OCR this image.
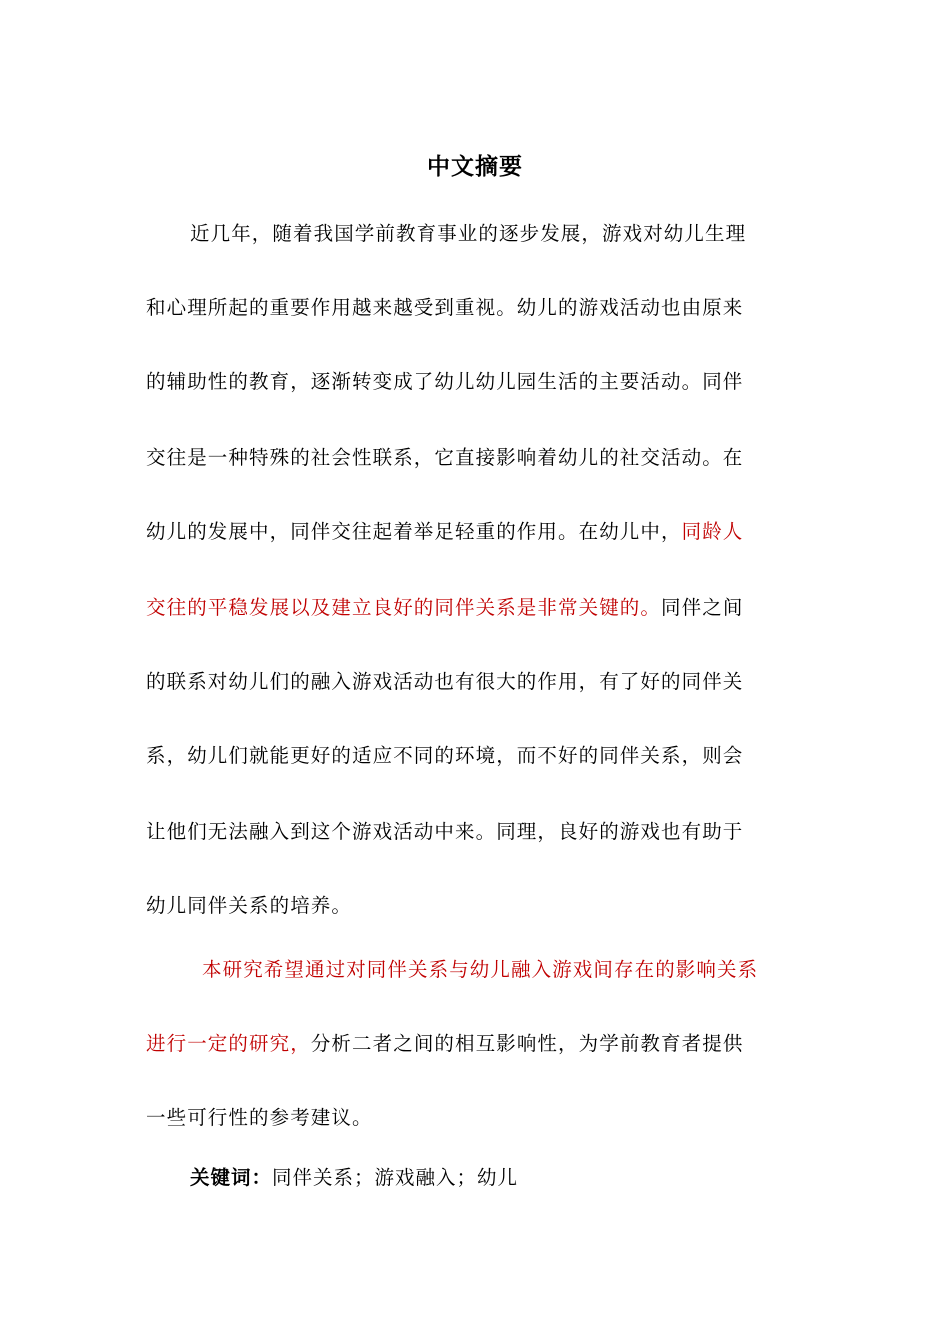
中文摘要
近几年，随着我国学前教育事业的逐步发展，游戏对幼儿生理
和心理所起的重要作用越来越受到重视。幼儿的游戏活动也由原来
的辅助性的教育，逐渐转变成了幼儿幼儿园生活的主要活动。同伴
交往是一种特殊的社会性联系，它直接影响着幼儿的社交活动。在
幼儿的发展中，同伴交往起着举足轻重的作用。在幼儿中，同龄人
交往的平稳发展以及建立良好的同伴关系是非常关键的。同伴之间
的联系对幼儿们的融入游戏活动也有很大的作用，有了好的同伴关
系，幼儿们就能更好的适应不同的环境，而不好的同伴关系，则会
让他们无法融入到这个游戏活动中来。同理，良好的游戏也有助于
幼儿同伴关系的培养。
本研究希望通过对同伴关系与幼儿融入游戏间存在的影响关系
进行一定的研究，分析二者之间的相互影响性，为学前教育者提供
一些可行性的参考建议。
关键词：同伴关系；游戏融入；幼儿
